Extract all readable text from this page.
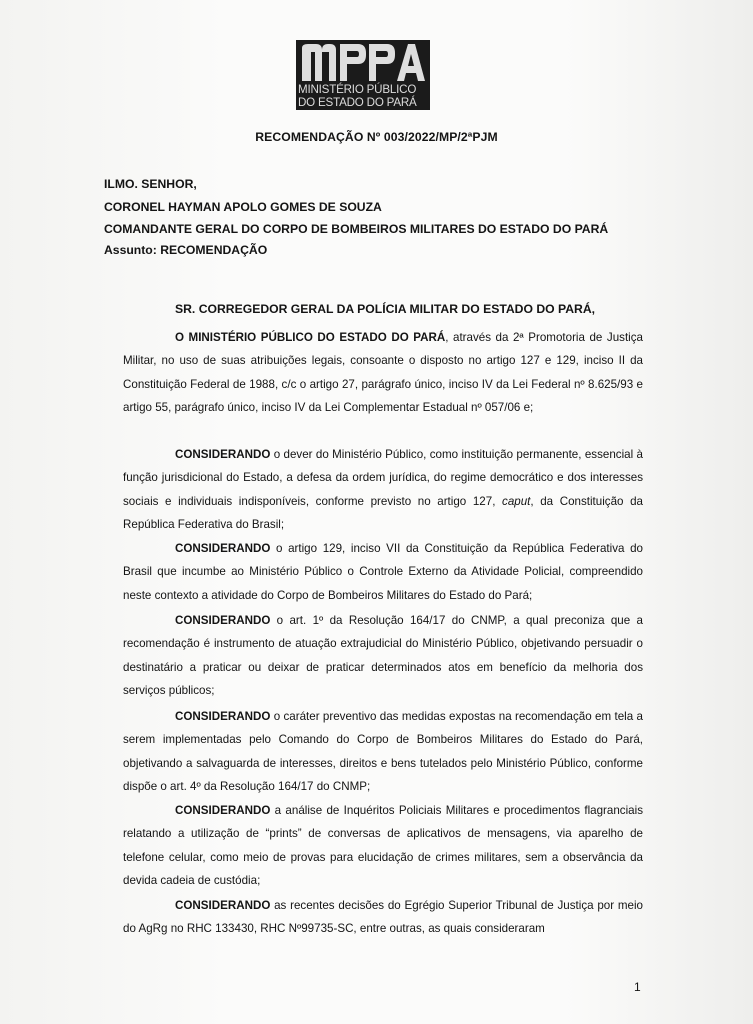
MINISTÉRIO PÚBLICO
DO ESTADO DO PARÁ
RECOMENDAÇÃO Nº 003/2022/MP/2ªPJM
ILMO. SENHOR,
CORONEL HAYMAN APOLO GOMES DE SOUZA
COMANDANTE GERAL DO CORPO DE BOMBEIROS MILITARES DO ESTADO DO PARÁ
Assunto: RECOMENDAÇÃO
SR. CORREGEDOR GERAL DA POLÍCIA MILITAR DO ESTADO DO PARÁ,
O MINISTÉRIO PÚBLICO DO ESTADO DO PARÁ, através da 2ª Promotoria de Justiça Militar, no uso de suas atribuições legais, consoante o disposto no artigo 127 e 129, inciso II da Constituição Federal de 1988, c/c o artigo 27, parágrafo único, inciso IV da Lei Federal nº 8.625/93 e artigo 55, parágrafo único, inciso IV da Lei Complementar Estadual nº 057/06 e;
CONSIDERANDO o dever do Ministério Público, como instituição permanente, essencial à função jurisdicional do Estado, a defesa da ordem jurídica, do regime democrático e dos interesses sociais e individuais indisponíveis, conforme previsto no artigo 127, caput, da Constituição da República Federativa do Brasil;
CONSIDERANDO o artigo 129, inciso VII da Constituição da República Federativa do Brasil que incumbe ao Ministério Público o Controle Externo da Atividade Policial, compreendido neste contexto a atividade do Corpo de Bombeiros Militares do Estado do Pará;
CONSIDERANDO o art. 1º da Resolução 164/17 do CNMP, a qual preconiza que a recomendação é instrumento de atuação extrajudicial do Ministério Público, objetivando persuadir o destinatário a praticar ou deixar de praticar determinados atos em benefício da melhoria dos serviços públicos;
CONSIDERANDO o caráter preventivo das medidas expostas na recomendação em tela a serem implementadas pelo Comando do Corpo de Bombeiros Militares do Estado do Pará, objetivando a salvaguarda de interesses, direitos e bens tutelados pelo Ministério Público, conforme dispõe o art. 4º da Resolução 164/17 do CNMP;
CONSIDERANDO a análise de Inquéritos Policiais Militares e procedimentos flagranciais relatando a utilização de “prints” de conversas de aplicativos de mensagens, via aparelho de telefone celular, como meio de provas para elucidação de crimes militares, sem a observância da devida cadeia de custódia;
CONSIDERANDO as recentes decisões do Egrégio Superior Tribunal de Justiça por meio do AgRg no RHC 133430, RHC Nº99735-SC, entre outras, as quais consideraram
1
